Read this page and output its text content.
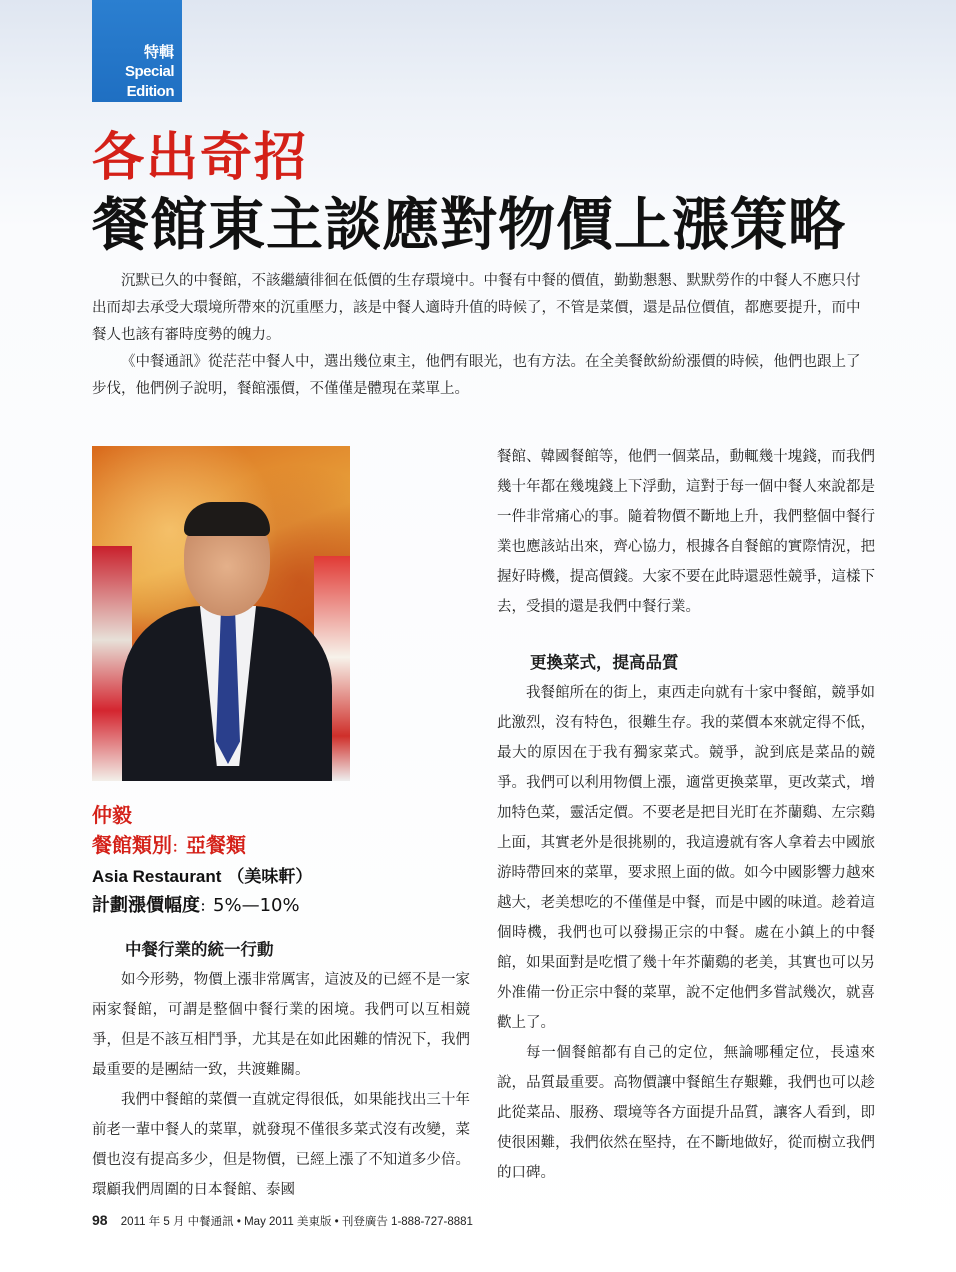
特輯
Special Edition
各出奇招
餐館東主談應對物價上漲策略

沉默已久的中餐館，不該繼續徘徊在低價的生存環境中。中餐有中餐的價值，勤勤懇懇、默默勞作的中餐人不應只付出而却去承受大環境所帶來的沉重壓力，該是中餐人適時升值的時候了，不管是菜價，還是品位價值，都應要提升，而中餐人也該有審時度勢的魄力。

《中餐通訊》從茫茫中餐人中，選出幾位東主，他們有眼光，也有方法。在全美餐飲紛紛漲價的時候，他們也跟上了步伐，他們例子說明，餐館漲價，不僅僅是體現在菜單上。

仲毅
餐館類別：亞餐類
Asia Restaurant （美味軒）
計劃漲價幅度：5%—10%
中餐行業的統一行動

如今形勢，物價上漲非常厲害，這波及的已經不是一家兩家餐館，可謂是整個中餐行業的困境。我們可以互相競爭，但是不該互相鬥爭，尤其是在如此困難的情況下，我們最重要的是團結一致，共渡難關。

我們中餐館的菜價一直就定得很低，如果能找出三十年前老一輩中餐人的菜單，就發現不僅很多菜式沒有改變，菜價也沒有提高多少，但是物價，已經上漲了不知道多少倍。環顧我們周圍的日本餐館、泰國

餐館、韓國餐館等，他們一個菜品，動輒幾十塊錢，而我們幾十年都在幾塊錢上下浮動，這對于每一個中餐人來說都是一件非常痛心的事。隨着物價不斷地上升，我們整個中餐行業也應該站出來，齊心協力，根據各自餐館的實際情況，把握好時機，提高價錢。大家不要在此時還惡性競爭，這樣下去，受損的還是我們中餐行業。

更換菜式，提高品質

我餐館所在的街上，東西走向就有十家中餐館，競爭如此激烈，沒有特色，很難生存。我的菜價本來就定得不低，最大的原因在于我有獨家菜式。競爭，說到底是菜品的競爭。我們可以利用物價上漲，適當更換菜單，更改菜式，增加特色菜，靈活定價。不要老是把目光盯在芥蘭鷄、左宗鷄上面，其實老外是很挑剔的，我這邊就有客人拿着去中國旅游時帶回來的菜單，要求照上面的做。如今中國影響力越來越大，老美想吃的不僅僅是中餐，而是中國的味道。趁着這個時機，我們也可以發揚正宗的中餐。處在小鎮上的中餐館，如果面對是吃慣了幾十年芥蘭鷄的老美，其實也可以另外准備一份正宗中餐的菜單，說不定他們多嘗試幾次，就喜歡上了。

每一個餐館都有自己的定位，無論哪種定位，長遠來說，品質最重要。高物價讓中餐館生存艱難，我們也可以趁此從菜品、服務、環境等各方面提升品質，讓客人看到，即使很困難，我們依然在堅持，在不斷地做好，從而樹立我們的口碑。

98 2011 年 5 月 中餐通訊 • May 2011 美東版 • 刊登廣告 1-888-727-8881
